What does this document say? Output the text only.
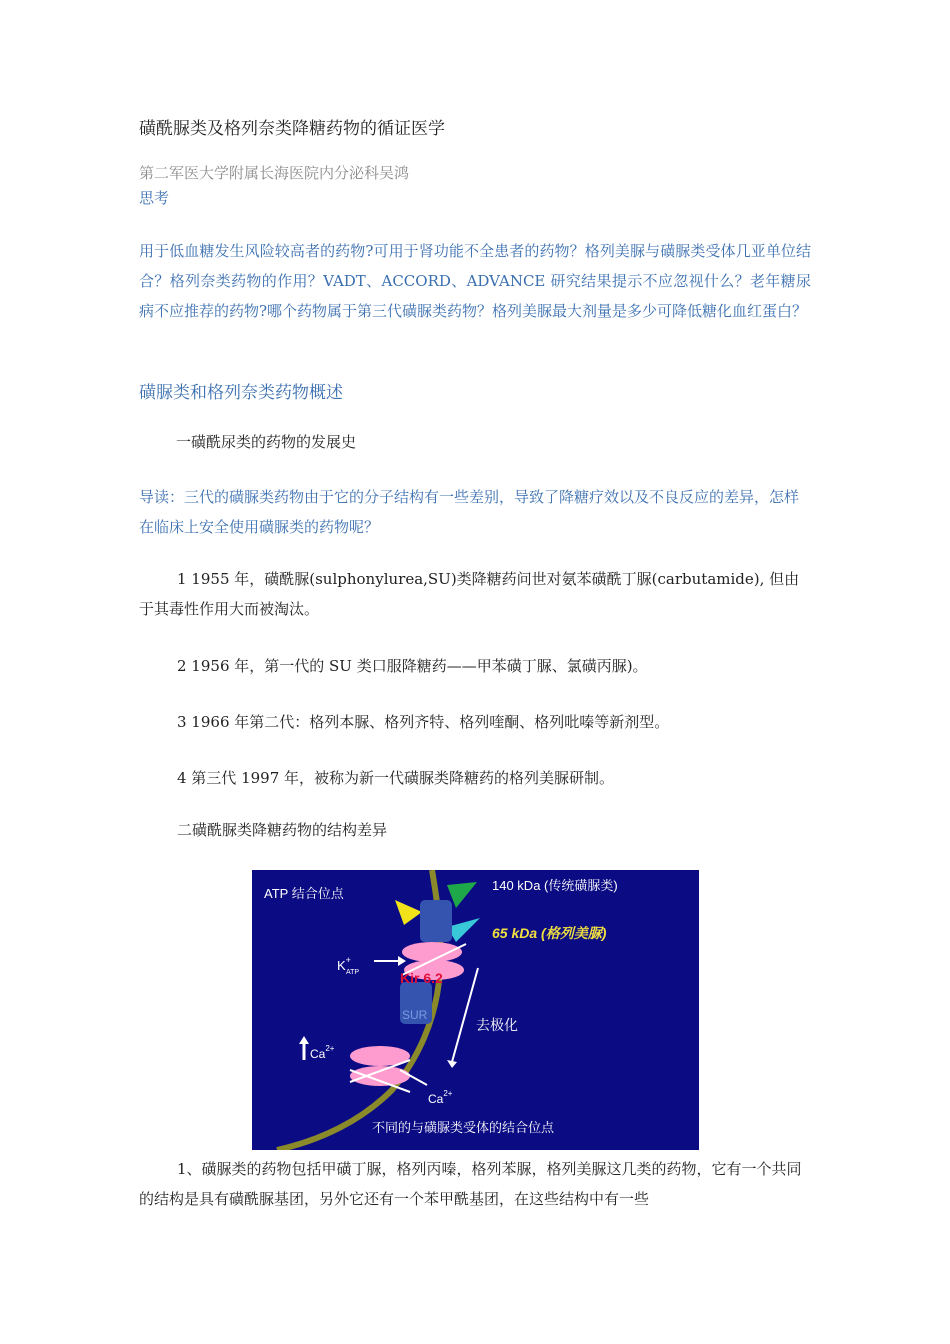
磺酰脲类及格列奈类降糖药物的循证医学

第二军医大学附属长海医院内分泌科吴鸿

思考

用于低血糖发生风险较高者的药物?可用于肾功能不全患者的药物？格列美脲与磺脲类受体几亚单位结合？格列奈类药物的作用？VADT、ACCORD、ADVANCE 研究结果提示不应忽视什么？老年糖尿病不应推荐的药物?哪个药物属于第三代磺脲类药物？格列美脲最大剂量是多少可降低糖化血红蛋白？

磺脲类和格列奈类药物概述

一磺酰尿类的药物的发展史

导读：三代的磺脲类药物由于它的分子结构有一些差别，导致了降糖疗效以及不良反应的差异，怎样在临床上安全使用磺脲类的药物呢？

1 1955 年，磺酰脲(sulphonylurea,SU)类降糖药问世对氨苯磺酰丁脲(carbutamide), 但由于其毒性作用大而被淘汰。

2 1956 年，第一代的 SU 类口服降糖药——甲苯磺丁脲、氯磺丙脲)。

3 1966 年第二代：格列本脲、格列齐特、格列喹酮、格列吡嗪等新剂型。

4 第三代 1997 年，被称为新一代磺脲类降糖药的格列美脲研制。

二磺酰脲类降糖药物的结构差异

ATP 结合位点
140 kDa (传统磺脲类)
65 kDa (格列美脲)
K+ ATP	Kir 6.2
SUR
去极化
$Ca^{2+}$
$Ca^{2+}$
不同的与磺脲类受体的结合位点

1、磺脲类的药物包括甲磺丁脲，格列丙嗪，格列苯脲，格列美脲这几类的药物，它有一个共同的结构是具有磺酰脲基团，另外它还有一个苯甲酰基团，在这些结构中有一些
